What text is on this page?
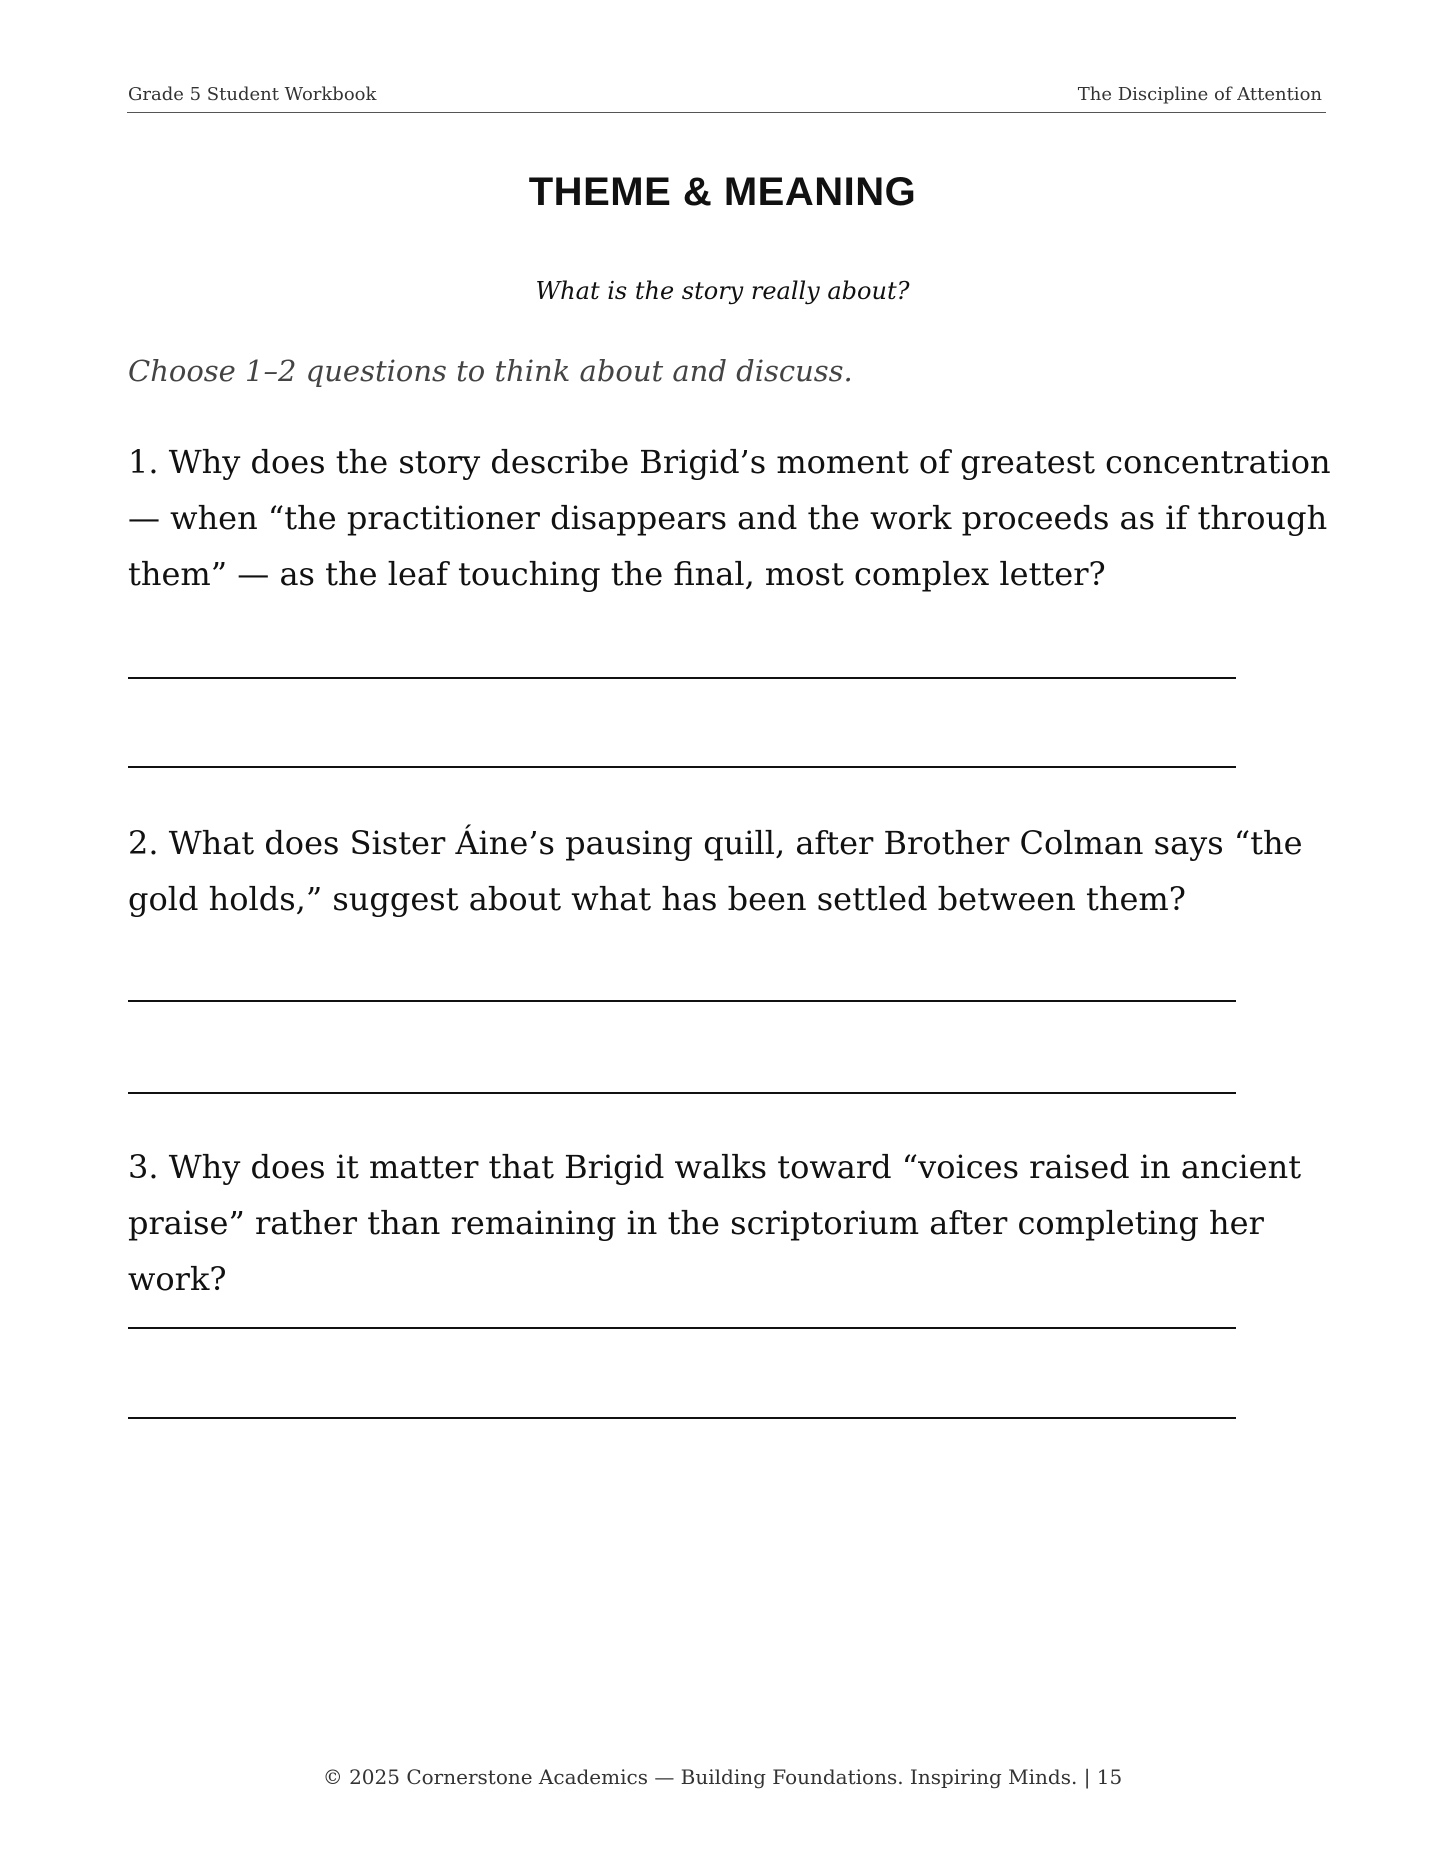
Grade 5 Student Workbook	The Discipline of Attention
THEME & MEANING
What is the story really about?
Choose 1–2 questions to think about and discuss.
1. Why does the story describe Brigid’s moment of greatest concentration — when “the practitioner disappears and the work proceeds as if through them” — as the leaf touching the final, most complex letter?
2. What does Sister Áine’s pausing quill, after Brother Colman says “the gold holds,” suggest about what has been settled between them?
3. Why does it matter that Brigid walks toward “voices raised in ancient praise” rather than remaining in the scriptorium after completing her work?
© 2025 Cornerstone Academics — Building Foundations. Inspiring Minds. | 15
